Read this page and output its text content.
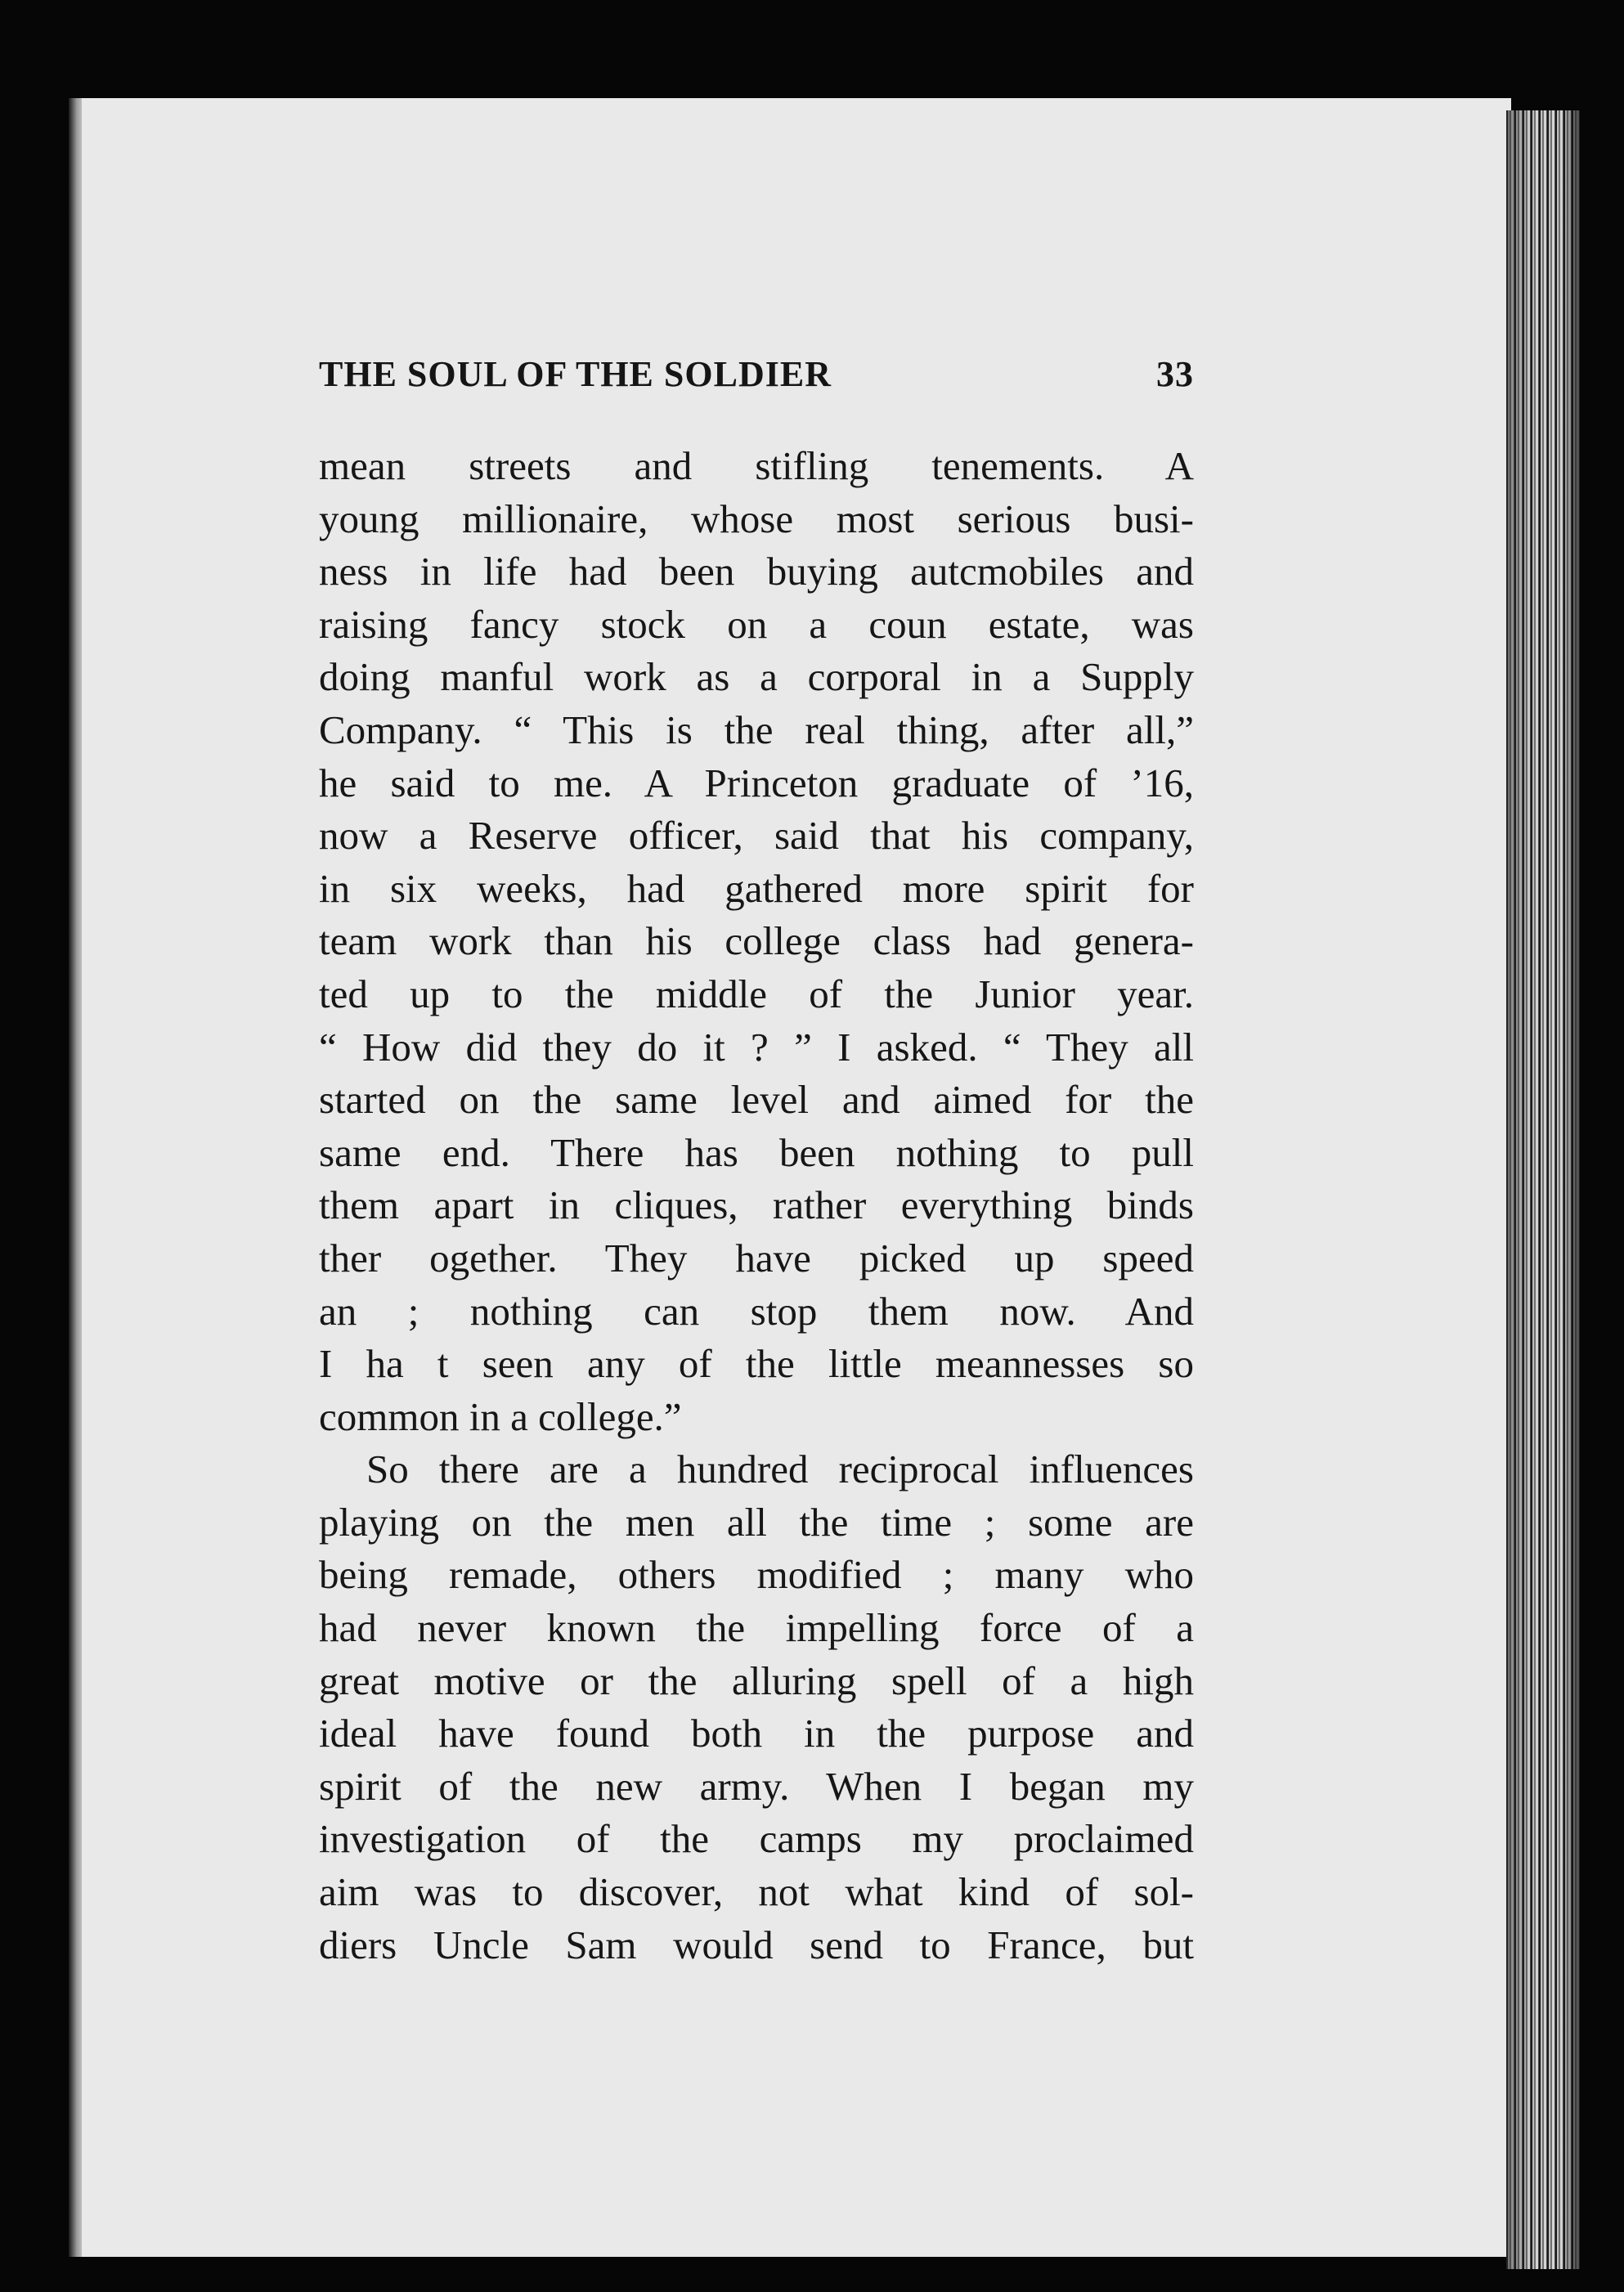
THE SOUL OF THE SOLDIER	33
mean streets and stifling tenements. A
young millionaire, whose most serious busi-
ness in life had been buying autcmobiles and
raising fancy stock on a coun estate, was
doing manful work as a corporal in a Supply
Company. “ This is the real thing, after all,”
he said to me. A Princeton graduate of ’16,
now a Reserve officer, said that his company,
in six weeks, had gathered more spirit for
team work than his college class had genera-
ted up to the middle of the Junior year.
“ How did they do it ? ” I asked. “ They all
started on the same level and aimed for the
same end. There has been nothing to pull
them apart in cliques, rather everything binds
ther ogether. They have picked up speed
an ; nothing can stop them now. And
I ha t seen any of the little meannesses so
common in a college.”
So there are a hundred reciprocal influences
playing on the men all the time ; some are
being remade, others modified ; many who
had never known the impelling force of a
great motive or the alluring spell of a high
ideal have found both in the purpose and
spirit of the new army. When I began my
investigation of the camps my proclaimed
aim was to discover, not what kind of sol-
diers Uncle Sam would send to France, but
